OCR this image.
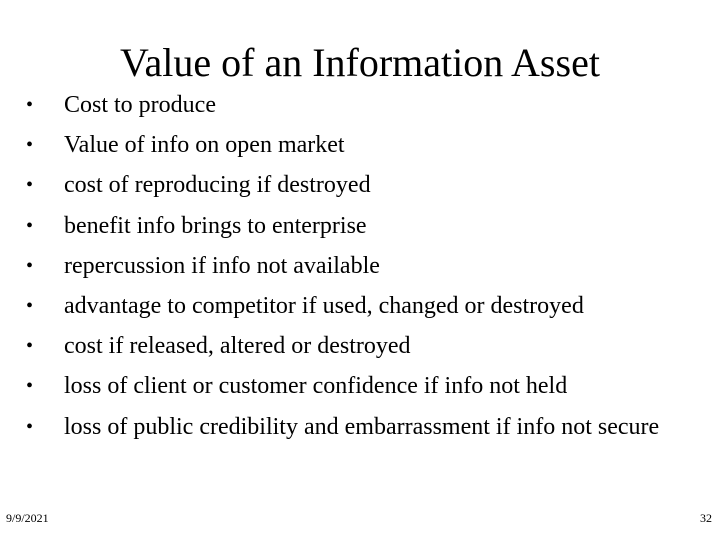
Value of an Information Asset
•	Cost to produce
•	Value of info on open market
•	cost of reproducing if destroyed
•	benefit info brings to enterprise
•	repercussion if info not available
•	advantage to competitor if used, changed or destroyed
•	cost if released, altered or destroyed
•	loss of client or customer confidence if info not held
•	loss of public credibility and embarrassment if info not secure
9/9/2021	32
